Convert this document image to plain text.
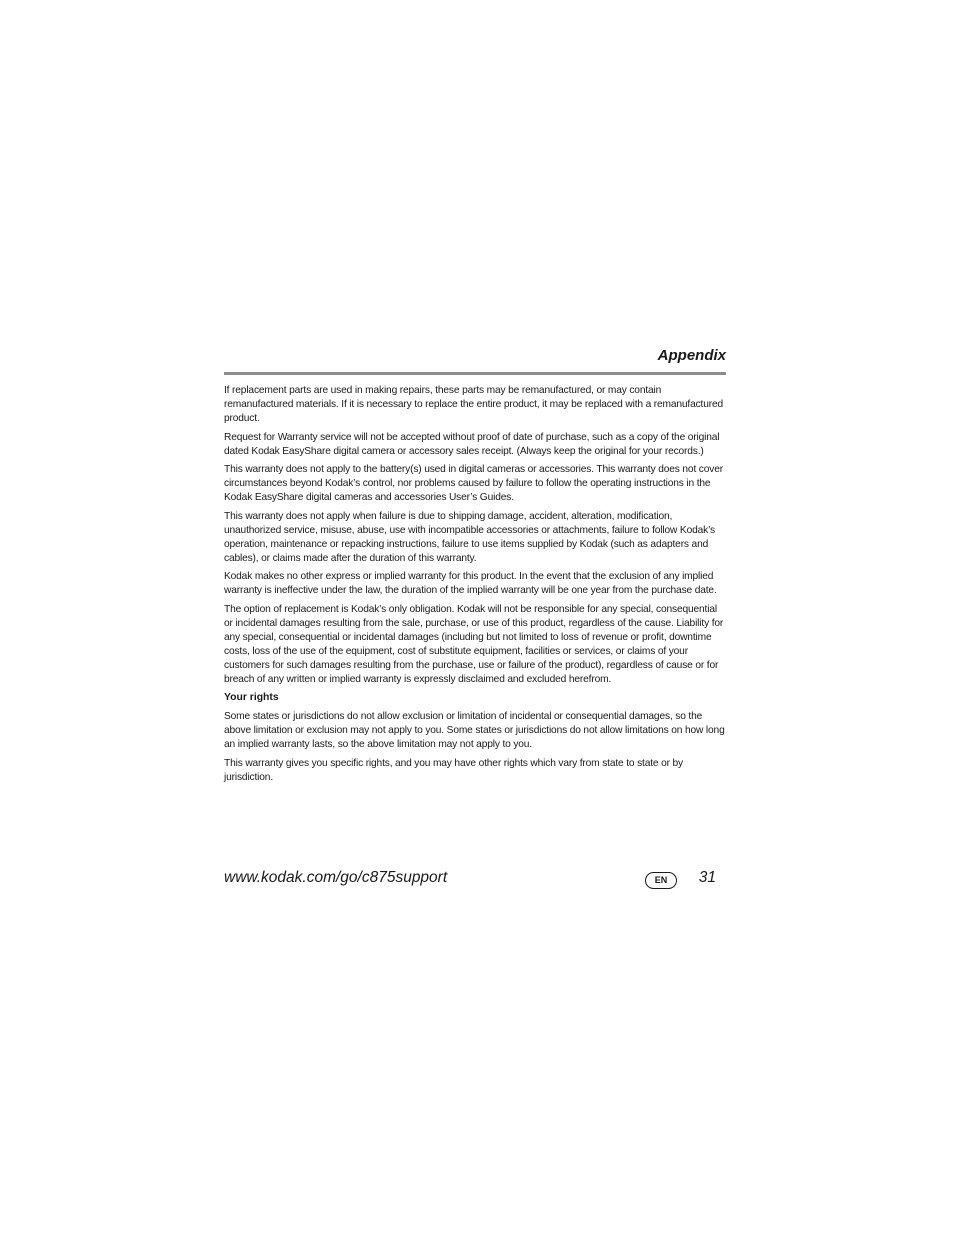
Appendix

If replacement parts are used in making repairs, these parts may be remanufactured, or may contain remanufactured materials. If it is necessary to replace the entire product, it may be replaced with a remanufactured product.

Request for Warranty service will not be accepted without proof of date of purchase, such as a copy of the original dated Kodak EasyShare digital camera or accessory sales receipt. (Always keep the original for your records.)

This warranty does not apply to the battery(s) used in digital cameras or accessories. This warranty does not cover circumstances beyond Kodak’s control, nor problems caused by failure to follow the operating instructions in the Kodak EasyShare digital cameras and accessories User’s Guides.

This warranty does not apply when failure is due to shipping damage, accident, alteration, modification, unauthorized service, misuse, abuse, use with incompatible accessories or attachments, failure to follow Kodak’s operation, maintenance or repacking instructions, failure to use items supplied by Kodak (such as adapters and cables), or claims made after the duration of this warranty.

Kodak makes no other express or implied warranty for this product. In the event that the exclusion of any implied warranty is ineffective under the law, the duration of the implied warranty will be one year from the purchase date.

The option of replacement is Kodak’s only obligation. Kodak will not be responsible for any special, consequential or incidental damages resulting from the sale, purchase, or use of this product, regardless of the cause. Liability for any special, consequential or incidental damages (including but not limited to loss of revenue or profit, downtime costs, loss of the use of the equipment, cost of substitute equipment, facilities or services, or claims of your customers for such damages resulting from the purchase, use or failure of the product), regardless of cause or for breach of any written or implied warranty is expressly disclaimed and excluded herefrom.

Your rights

Some states or jurisdictions do not allow exclusion or limitation of incidental or consequential damages, so the above limitation or exclusion may not apply to you. Some states or jurisdictions do not allow limitations on how long an implied warranty lasts, so the above limitation may not apply to you.

This warranty gives you specific rights, and you may have other rights which vary from state to state or by jurisdiction.

www.kodak.com/go/c875support	EN	31
